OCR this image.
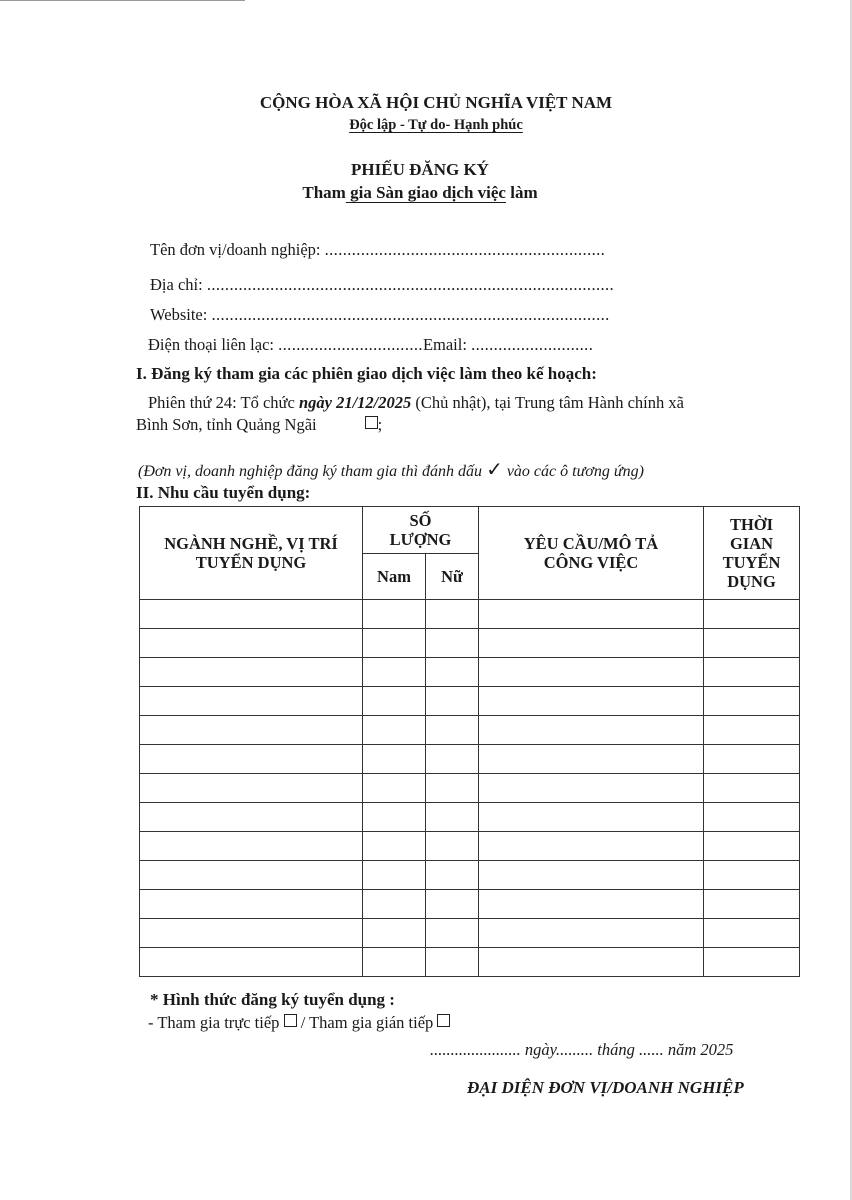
CỘNG HÒA XÃ HỘI CHỦ NGHĨA VIỆT NAM
Độc lập - Tự do- Hạnh phúc
PHIẾU ĐĂNG KÝ
Tham gia Sàn giao dịch việc làm
Tên đơn vị/doanh nghiệp: ..............................................................
Địa chỉ: ..........................................................................................
Website: ........................................................................................
Điện thoại liên lạc: ................................Email: ...........................
I. Đăng ký tham gia các phiên giao dịch việc làm theo kế hoạch:
Phiên thứ 24: Tổ chức ngày 21/12/2025 (Chủ nhật), tại Trung tâm Hành chính xã
Bình Sơn, tỉnh Quảng Ngãi	;
(Đơn vị, doanh nghiệp đăng ký tham gia thì đánh dấu ✓ vào các ô tương ứng)
II. Nhu cầu tuyển dụng:
NGÀNH NGHỀ, VỊ TRÍ TUYỂN DỤNG	SỐ LƯỢNG		YÊU CẦU/MÔ TẢ CÔNG VIỆC	THỜI GIAN TUYỂN DỤNG

	Nam	Nữ		

* Hình thức đăng ký tuyển dụng :
- Tham gia trực tiếp  / Tham gia gián tiếp
...................... ngày......... tháng ...... năm 2025
ĐẠI DIỆN ĐƠN VỊ/DOANH NGHIỆP
